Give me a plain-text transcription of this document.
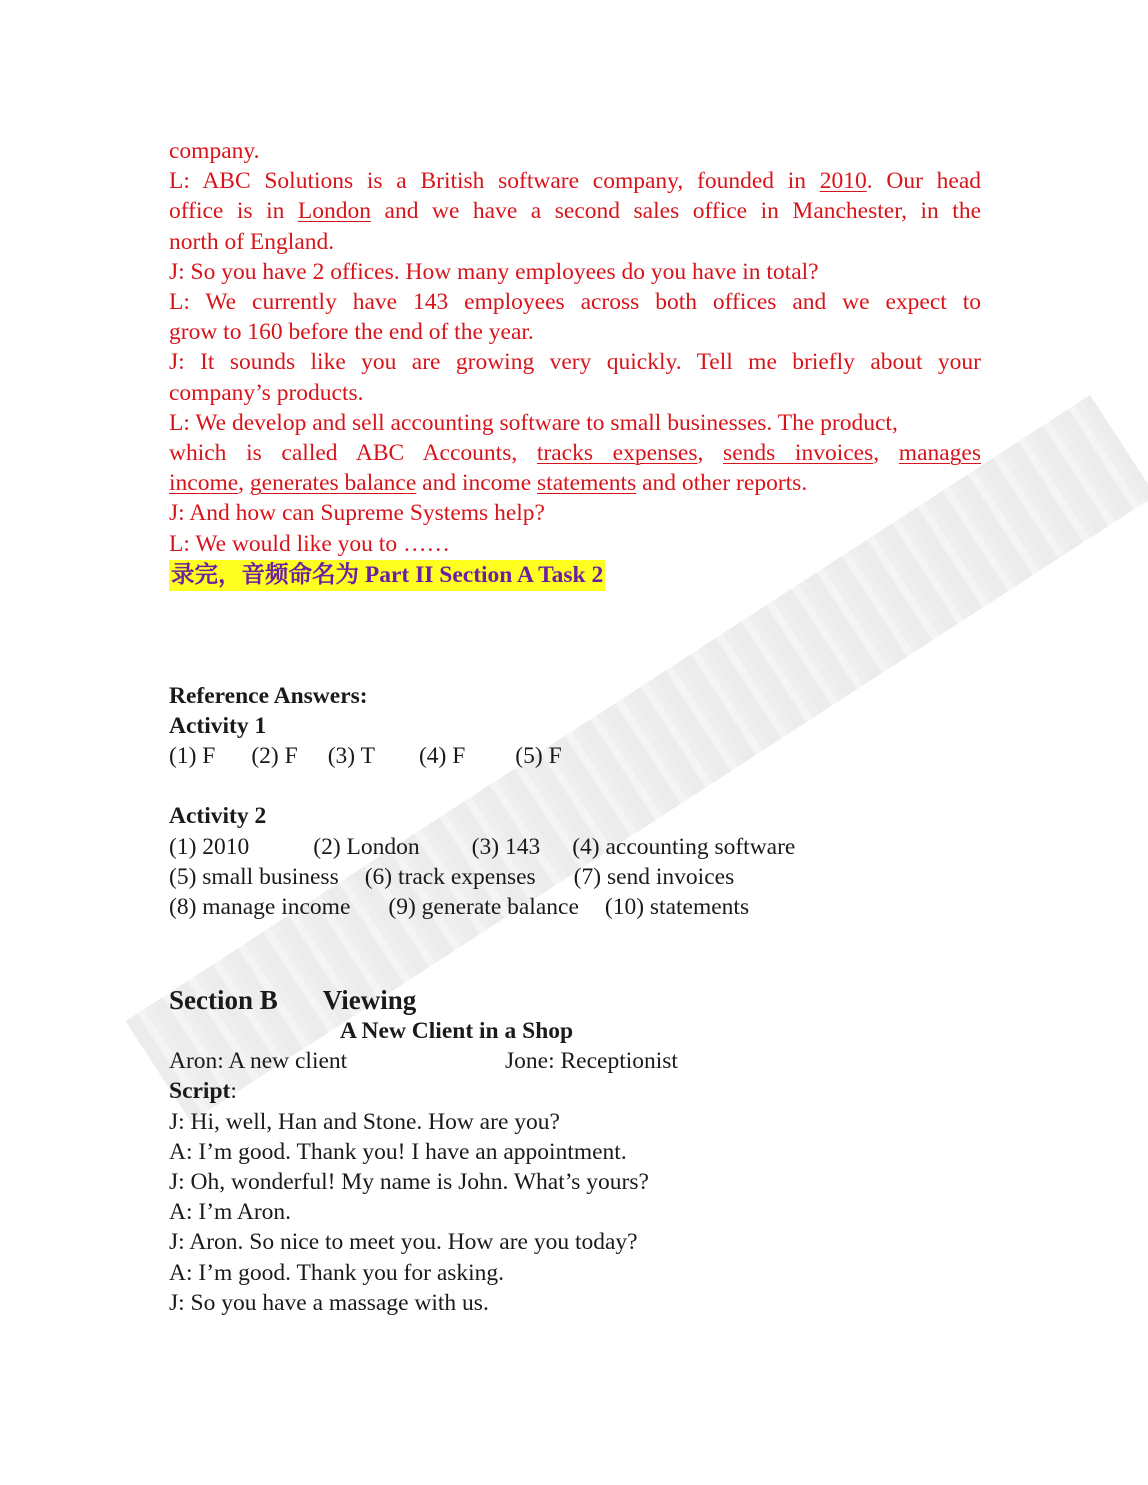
company.
L: ABC Solutions is a British software company, founded in 2010. Our head
office is in London and we have a second sales office in Manchester, in the
north of England.
J: So you have 2 offices. How many employees do you have in total?
L: We currently have 143 employees across both offices and we expect to
grow to 160 before the end of the year.
J: It sounds like you are growing very quickly. Tell me briefly about your
company’s products.
L: We develop and sell accounting software to small businesses. The product,
which is called ABC Accounts, tracks expenses, sends invoices, manages
income, generates balance and income statements and other reports.
J: And how can Supreme Systems help?
L: We would like you to ……
录完，音频命名为 Part II Section A Task 2
Reference Answers:
Activity 1
(1) F (2) F (3) T (4) F (5) F
Activity 2
(1) 2010	(2) London (3) 143 (4) accounting software
(5) small business (6) track expenses (7) send invoices
(8) manage income (9) generate balance (10) statements
Section B Viewing
A New Client in a Shop
Aron: A new client	Jone: Receptionist
Script:
J: Hi, well, Han and Stone. How are you?
A: I’m good. Thank you! I have an appointment.
J: Oh, wonderful! My name is John. What’s yours?
A: I’m Aron.
J: Aron. So nice to meet you. How are you today?
A: I’m good. Thank you for asking.
J: So you have a massage with us.
